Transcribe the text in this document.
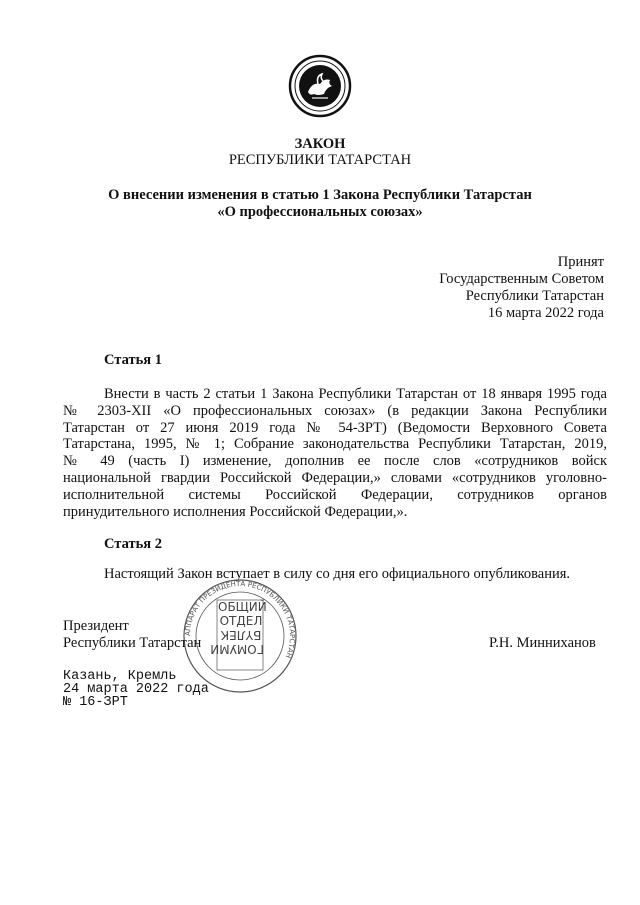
ЗАКОН
РЕСПУБЛИКИ ТАТАРСТАН
О внесении изменения в статью 1 Закона Республики Татарстан
«О профессиональных союзах»
Принят
Государственным Советом
Республики Татарстан
16 марта 2022 года
Статья 1
Внести в часть 2 статьи 1 Закона Республики Татарстан от 18 января 1995 года
№ 2303-XII «О профессиональных союзах» (в редакции Закона Республики
Татарстан от 27 июня 2019 года № 54-ЗРТ) (Ведомости Верховного Совета
Татарстана, 1995, № 1; Собрание законодательства Республики Татарстан, 2019,
№ 49 (часть I) изменение, дополнив ее после слов «сотрудников войск
национальной гвардии Российской Федерации,» словами «сотрудников уголовно-
исполнительной системы Российской Федерации, сотрудников органов
принудительного исполнения Российской Федерации,».
Статья 2
Настоящий Закон вступает в силу со дня его официального опубликования.
АППАРАТ ПРЕЗИДЕНТА РЕСПУБЛИКИ ТАТАРСТАН
ОБЩИЙ
ОТДЕЛ
БҮЛЕК
ГОМУМИ
Президент
Республики Татарстан	Р.Н. Минниханов
Казань, Кремль
24 марта 2022 года
№ 16-ЗРТ
